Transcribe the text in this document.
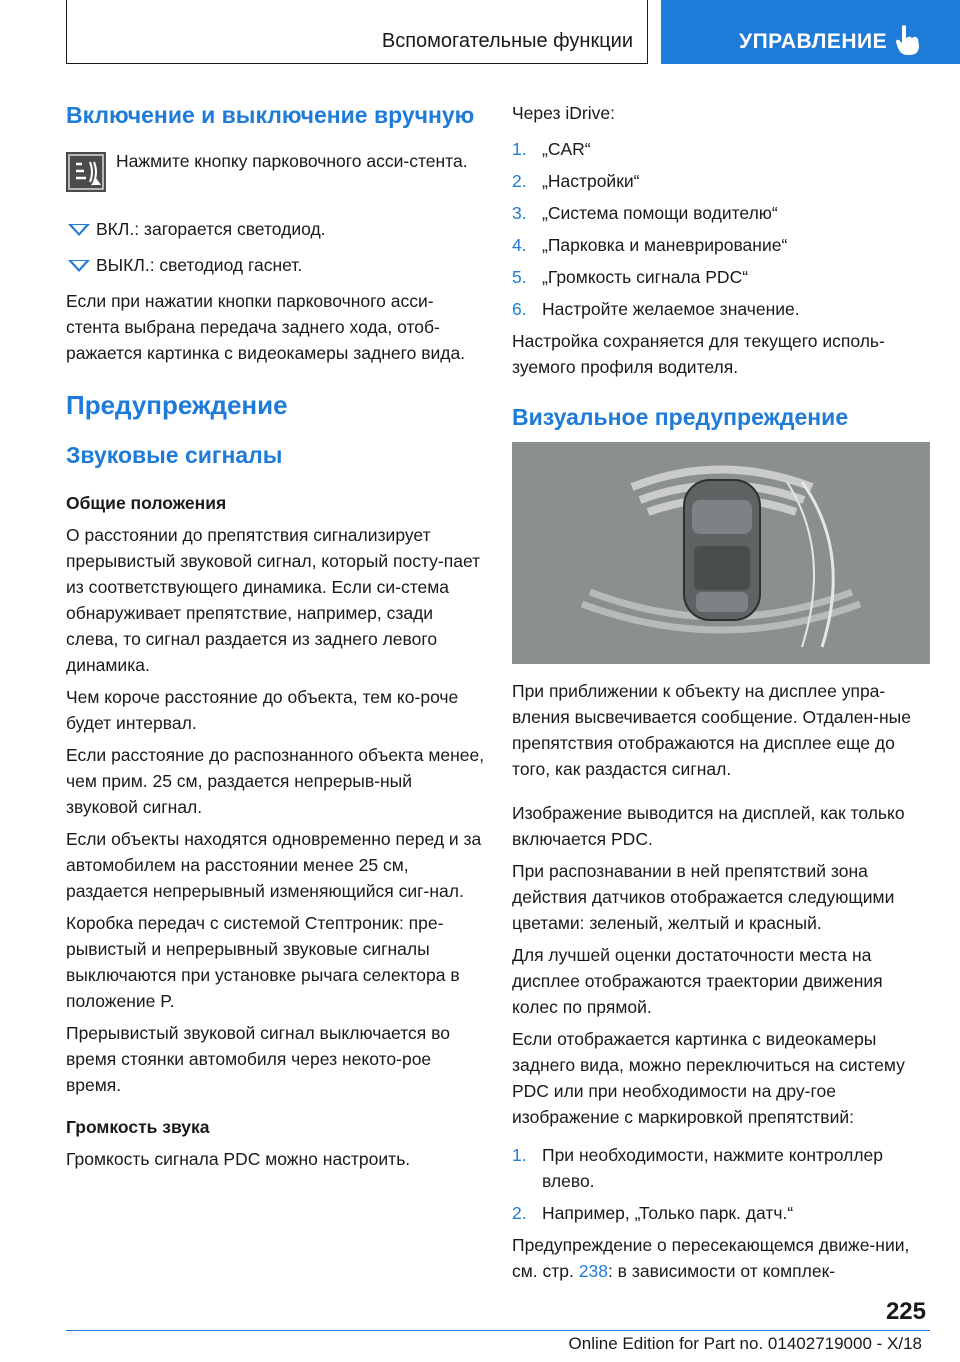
Вспомогательные функции	УПРАВЛЕНИЕ
Включение и выключение вручную

Нажмите кнопку парковочного асси-стента.

ВКЛ.: загорается светодиод.
ВЫКЛ.: светодиод гаснет.

Если при нажатии кнопки парковочного асси-стента выбрана передача заднего хода, отоб-ражается картинка с видеокамеры заднего вида.

Предупреждение
Звуковые сигналы
Общие положения

О расстоянии до препятствия сигнализирует прерывистый звуковой сигнал, который посту-пает из соответствующего динамика. Если си-стема обнаруживает препятствие, например, сзади слева, то сигнал раздается из заднего левого динамика.

Чем короче расстояние до объекта, тем ко-роче будет интервал.

Если расстояние до распознанного объекта менее, чем прим. 25 см, раздается непрерыв-ный звуковой сигнал.

Если объекты находятся одновременно перед и за автомобилем на расстоянии менее 25 см, раздается непрерывный изменяющийся сиг-нал.

Коробка передач с системой Стептроник: пре-рывистый и непрерывный звуковые сигналы выключаются при установке рычага селектора в положение P.

Прерывистый звуковой сигнал выключается во время стоянки автомобиля через некото-рое время.

Громкость звука

Громкость сигнала PDC можно настроить.

Через iDrive:

1. „CAR“
2. „Настройки“
3. „Система помощи водителю“
4. „Парковка и маневрирование“
5. „Громкость сигнала PDC“
6. Настройте желаемое значение.

Настройка сохраняется для текущего исполь-зуемого профиля водителя.

Визуальное предупреждение

При приближении к объекту на дисплее упра-вления высвечивается сообщение. Отдален-ные препятствия отображаются на дисплее еще до того, как раздастся сигнал.

Изображение выводится на дисплей, как только включается PDC.

При распознавании в ней препятствий зона действия датчиков отображается следующими цветами: зеленый, желтый и красный.

Для лучшей оценки достаточности места на дисплее отображаются траектории движения колес по прямой.

Если отображается картинка с видеокамеры заднего вида, можно переключиться на систему PDC или при необходимости на дру-гое изображение с маркировкой препятствий:

1. При необходимости, нажмите контроллер влево.
2. Например, „Только парк. датч.“

Предупреждение о пересекающемся движе-нии, см. стр. 238: в зависимости от комплек-

225
Online Edition for Part no. 01402719000 - X/18
